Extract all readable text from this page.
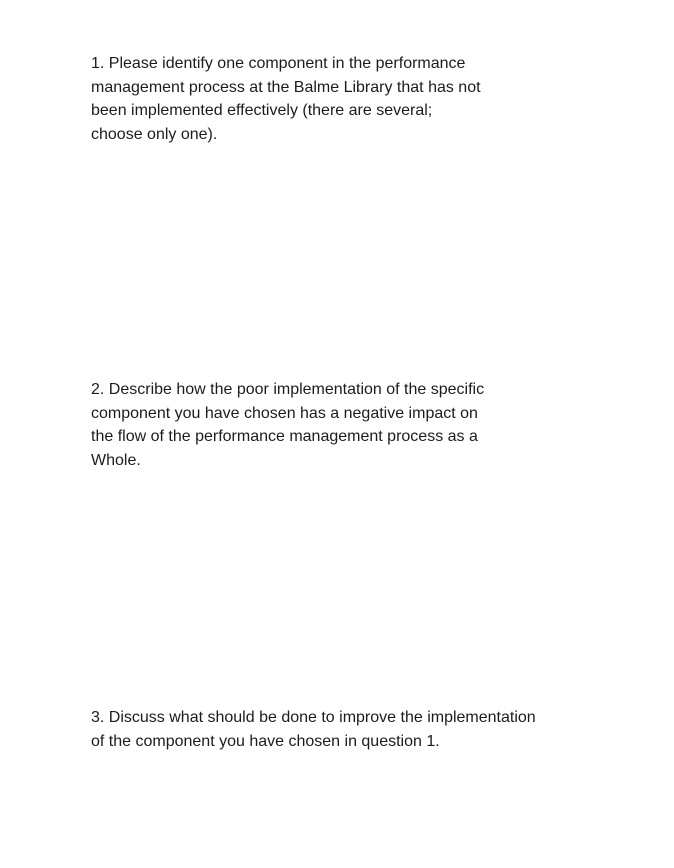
1. Please identify one component in the performance
management process at the Balme Library that has not
been implemented effectively (there are several;
choose only one).

2. Describe how the poor implementation of the specific
component you have chosen has a negative impact on
the flow of the performance management process as a
Whole.

3. Discuss what should be done to improve the implementation
of the component you have chosen in question 1.
